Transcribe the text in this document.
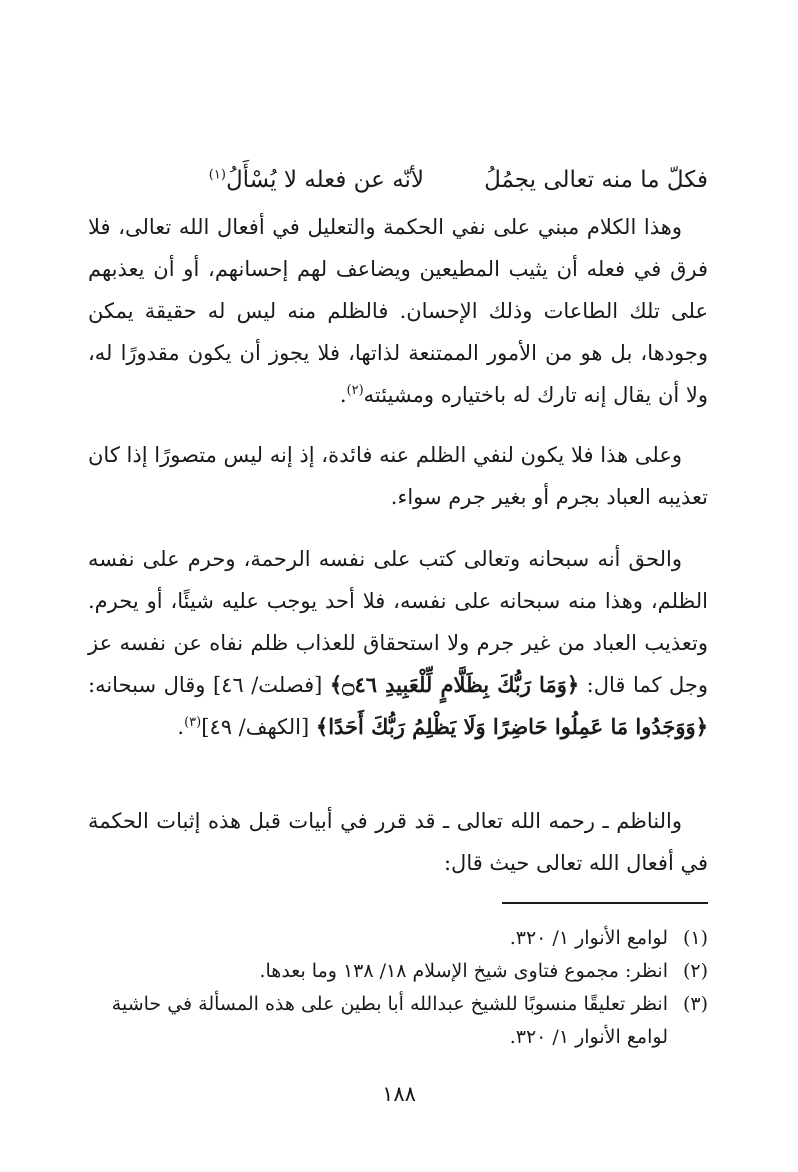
فكلّ ما منه تعالى يجمُلُلأنّه عن فعله لا يُسْأَلُ$^{(١)}$
وهذا الكلام مبني على نفي الحكمة والتعليل في أفعال الله تعالى، فلا فرق في فعله أن يثيب المطيعين ويضاعف لهم إحسانهم، أو أن يعذبهم على تلك الطاعات وذلك الإحسان. فالظلم منه ليس له حقيقة يمكن وجودها، بل هو من الأمور الممتنعة لذاتها، فلا يجوز أن يكون مقدورًا له، ولا أن يقال إنه تارك له باختياره ومشيئته$^{(٢)}$.
وعلى هذا فلا يكون لنفي الظلم عنه فائدة، إذ إنه ليس متصورًا إذا كان تعذيبه العباد بجرم أو بغير جرم سواء.
والحق أنه سبحانه وتعالى كتب على نفسه الرحمة، وحرم على نفسه الظلم، وهذا منه سبحانه على نفسه، فلا أحد يوجب عليه شيئًا، أو يحرم. وتعذيب العباد من غير جرم ولا استحقاق للعذاب ظلم نفاه عن نفسه عز وجل كما قال: ﴿وَمَا رَبُّكَ بِظَلَّامٍ لِّلْعَبِيدِ ۝٤٦﴾ [فصلت/ ٤٦] وقال سبحانه: ﴿وَوَجَدُوا مَا عَمِلُوا حَاضِرًا وَلَا يَظْلِمُ رَبُّكَ أَحَدًا﴾ [الكهف/ ٤٩]$^{(٣)}$.
والناظم ـ رحمه الله تعالى ـ قد قرر في أبيات قبل هذه إثبات الحكمة في أفعال الله تعالى حيث قال:
(١)
لوامع الأنوار ١/ ٣٢٠.
(٢)
انظر: مجموع فتاوى شيخ الإسلام ١٨/ ١٣٨ وما بعدها.
(٣)
انظر تعليقًا منسوبًا للشيخ عبدالله أبا بطين على هذه المسألة في حاشية لوامع الأنوار ١/ ٣٢٠.
١٨٨
